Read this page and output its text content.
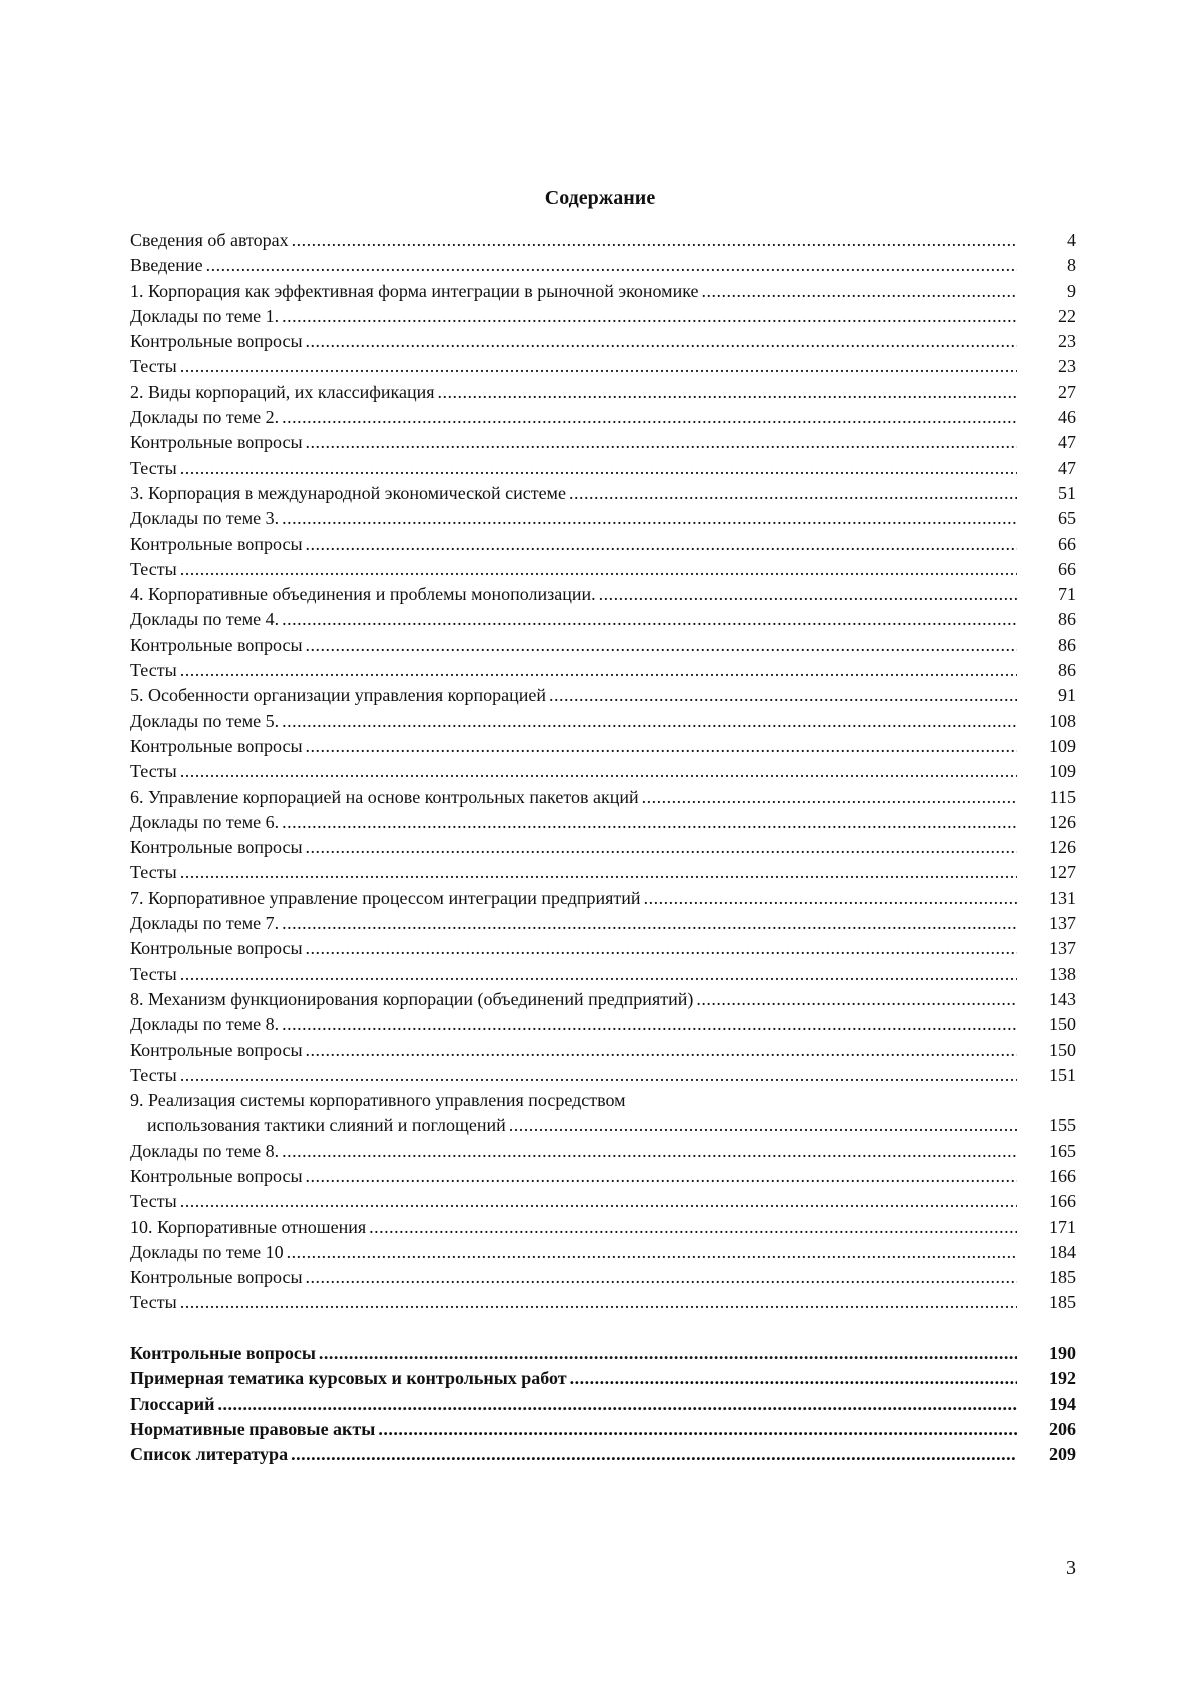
Содержание
Сведения об авторах .....	4
Введение .....	8
1. Корпорация как эффективная форма интеграции в рыночной экономике .....	9
Доклады по теме 1. .....	22
Контрольные вопросы .....	23
Тесты .....	23
2. Виды корпораций, их классификация .....	27
Доклады по теме 2. .....	46
Контрольные вопросы .....	47
Тесты .....	47
3. Корпорация в международной экономической системе .....	51
Доклады по теме 3. .....	65
Контрольные вопросы .....	66
Тесты .....	66
4. Корпоративные объединения и проблемы монополизации. .....	71
Доклады по теме 4. .....	86
Контрольные вопросы .....	86
Тесты .....	86
5. Особенности организации управления корпорацией .....	91
Доклады по теме 5. .....	108
Контрольные вопросы .....	109
Тесты .....	109
6. Управление корпорацией на основе контрольных пакетов акций .....	115
Доклады по теме 6. .....	126
Контрольные вопросы .....	126
Тесты .....	127
7. Корпоративное управление процессом интеграции предприятий .....	131
Доклады по теме 7. .....	137
Контрольные вопросы .....	137
Тесты .....	138
8. Механизм функционирования корпорации (объединений предприятий) .....	143
Доклады по теме 8. .....	150
Контрольные вопросы .....	150
Тесты .....	151
9. Реализация системы корпоративного управления посредством
использования тактики слияний и поглощений .....	155
Доклады по теме 8. .....	165
Контрольные вопросы .....	166
Тесты .....	166
10. Корпоративные отношения .....	171
Доклады по теме 10 .....	184
Контрольные вопросы .....	185
Тесты .....	185
Контрольные вопросы .....	190
Примерная тематика курсовых и контрольных работ .....	192
Глоссарий .....	194
Нормативные правовые акты .....	206
Список литература .....	209
3
